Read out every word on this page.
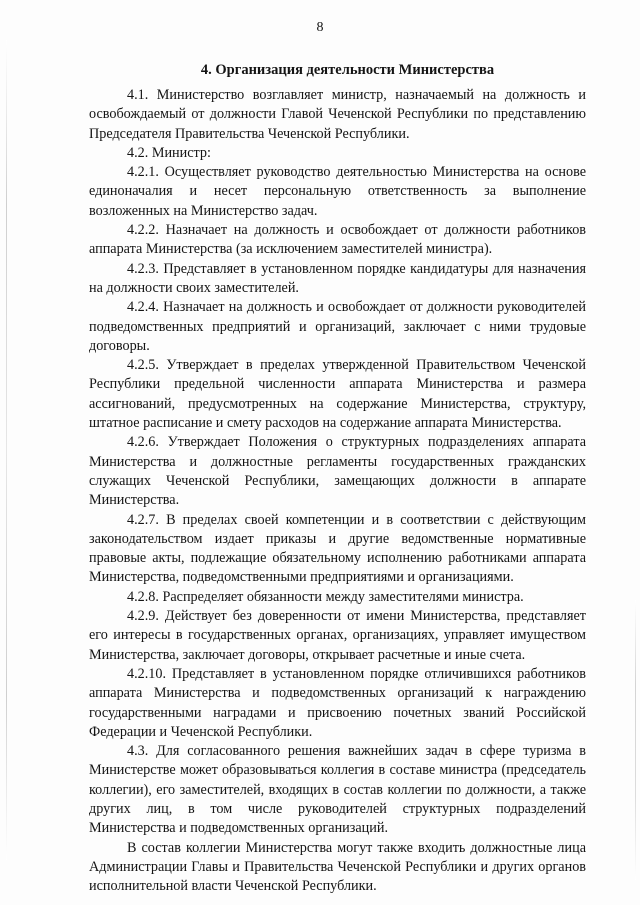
8
4. Организация деятельности Министерства

4.1. Министерство возглавляет министр, назначаемый на должность и освобождаемый от должности Главой Чеченской Республики по представлению Председателя Правительства Чеченской Республики.

4.2. Министр:

4.2.1. Осуществляет руководство деятельностью Министерства на основе единоначалия и несет персональную ответственность за выполнение возложенных на Министерство задач.

4.2.2. Назначает на должность и освобождает от должности работников аппарата Министерства (за исключением заместителей министра).

4.2.3. Представляет в установленном порядке кандидатуры для назначения на должности своих заместителей.

4.2.4. Назначает на должность и освобождает от должности руководителей подведомственных предприятий и организаций, заключает с ними трудовые договоры.

4.2.5. Утверждает в пределах утвержденной Правительством Чеченской Республики предельной численности аппарата Министерства и размера ассигнований, предусмотренных на содержание Министерства, структуру, штатное расписание и смету расходов на содержание аппарата Министерства.

4.2.6. Утверждает Положения о структурных подразделениях аппарата Министерства и должностные регламенты государственных гражданских служащих Чеченской Республики, замещающих должности в аппарате Министерства.

4.2.7. В пределах своей компетенции и в соответствии с действующим законодательством издает приказы и другие ведомственные нормативные правовые акты, подлежащие обязательному исполнению работниками аппарата Министерства, подведомственными предприятиями и организациями.

4.2.8. Распределяет обязанности между заместителями министра.

4.2.9. Действует без доверенности от имени Министерства, представляет его интересы в государственных органах, организациях, управляет имуществом Министерства, заключает договоры, открывает расчетные и иные счета.

4.2.10. Представляет в установленном порядке отличившихся работников аппарата Министерства и подведомственных организаций к награждению государственными наградами и присвоению почетных званий Российской Федерации и Чеченской Республики.

4.3. Для согласованного решения важнейших задач в сфере туризма в Министерстве может образовываться коллегия в составе министра (председатель коллегии), его заместителей, входящих в состав коллегии по должности, а также других лиц, в том числе руководителей структурных подразделений Министерства и подведомственных организаций.

В состав коллегии Министерства могут также входить должностные лица Администрации Главы и Правительства Чеченской Республики и других органов исполнительной власти Чеченской Республики.
